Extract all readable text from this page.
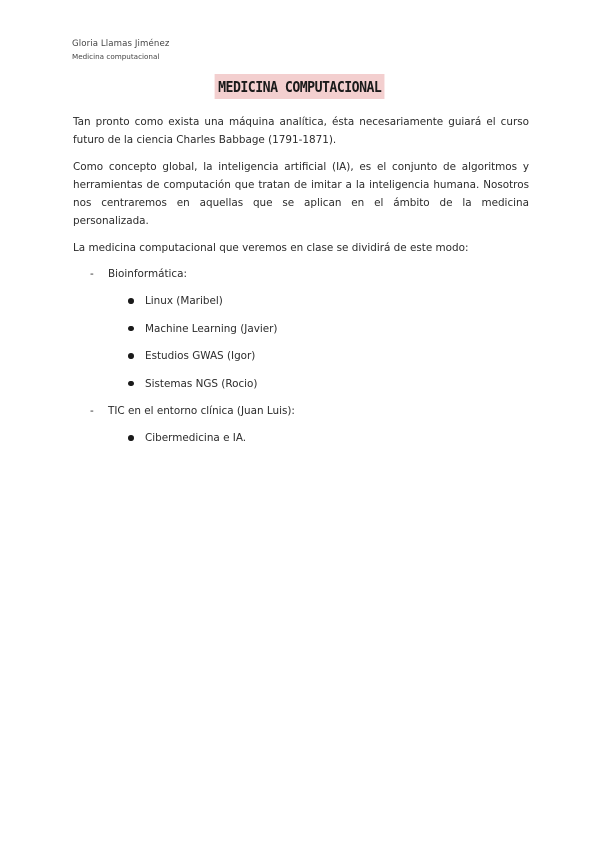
Gloria Llamas Jiménez
Medicina computacional
MEDICINA COMPUTACIONAL

Tan pronto como exista una máquina analítica, ésta necesariamente guiará el curso futuro de la ciencia Charles Babbage (1791-1871).

Como concepto global, la inteligencia artificial (IA), es el conjunto de algoritmos y herramientas de computación que tratan de imitar a la inteligencia humana. Nosotros nos centraremos en aquellas que se aplican en el ámbito de la medicina personalizada.

La medicina computacional que veremos en clase se dividirá de este modo:

- Bioinformática:
Linux (Maribel)
Machine Learning (Javier)
Estudios GWAS (Igor)
Sistemas NGS (Rocio)
- TIC en el entorno clínica (Juan Luis):
Cibermedicina e IA.
